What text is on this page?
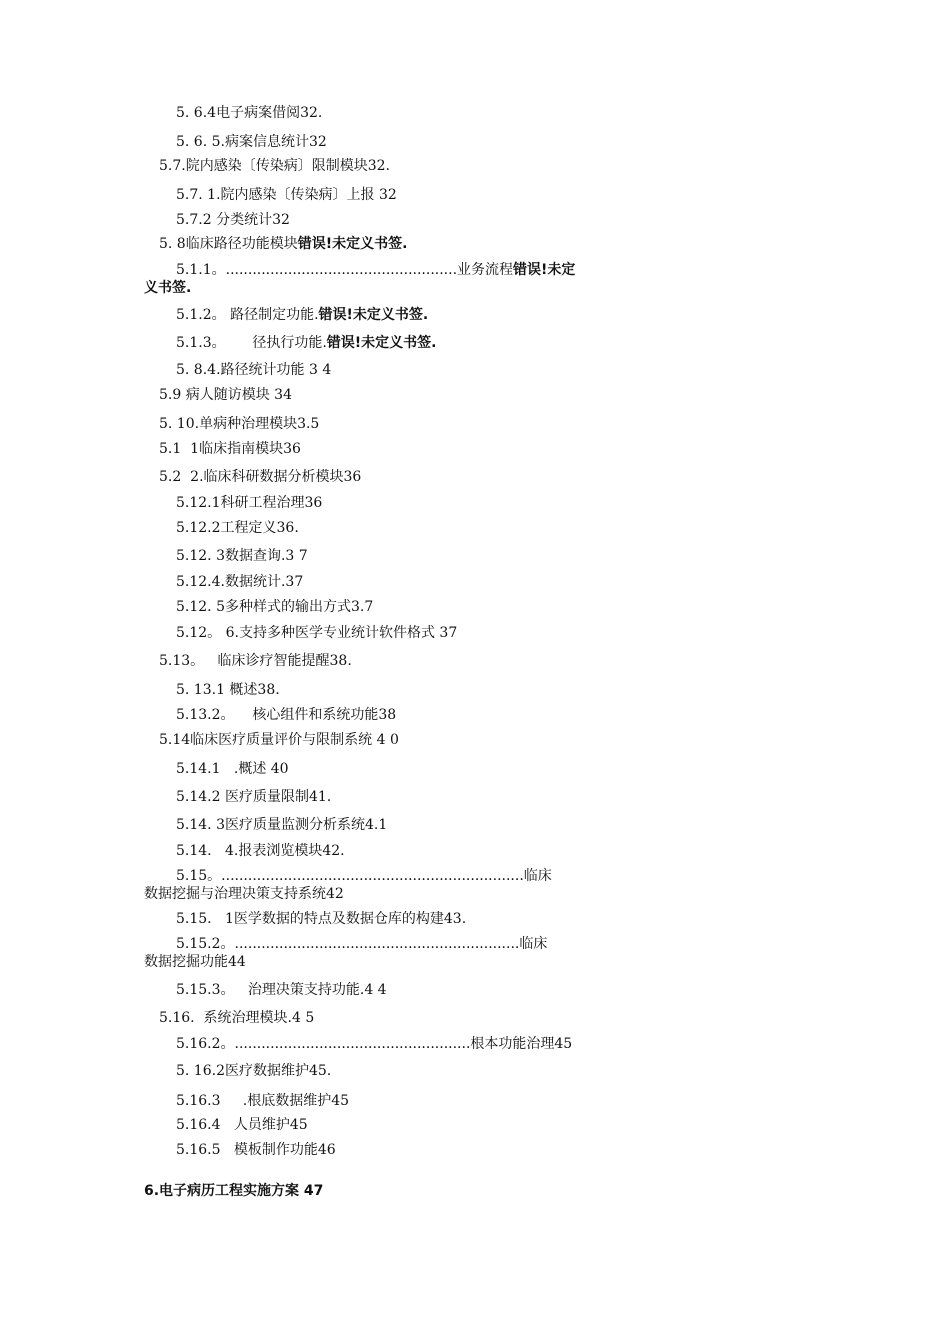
5. 6.4电子病案借阅32.
5. 6. 5.病案信息统计32
5.7.院内感染〔传染病〕限制模块32.
5.7. 1.院内感染〔传染病〕上报 32
5.7.2 分类统计32
5. 8临床路径功能模块错误!未定义书签.
5.1.1。....................................................业务流程错误!未定
义书签.
5.1.2。 路径制定功能.错误!未定义书签.
5.1.3。      径执行功能.错误!未定义书签.
5. 8.4.路径统计功能 3 4
5.9 病人随访模块 34
5. 10.单病种治理模块3.5
5.1  1临床指南模块36
5.2  2.临床科研数据分析模块36
5.12.1科研工程治理36
5.12.2工程定义36.
5.12. 3数据查询.3 7
5.12.4.数据统计.37
5.12. 5多种样式的输出方式3.7
5.12。 6.支持多种医学专业统计软件格式 37
5.13。   临床诊疗智能提醒38.
5. 13.1 概述38.
5.13.2。    核心组件和系统功能38
5.14临床医疗质量评价与限制系统 4 0
5.14.1   .概述 40
5.14.2 医疗质量限制41.
5.14. 3医疗质量监测分析系统4.1
5.14.   4.报表浏览模块42.
5.15。....................................................................临床
数据挖掘与治理决策支持系统42
5.15.   1医学数据的特点及数据仓库的构建43.
5.15.2。................................................................临床
数据挖掘功能44
5.15.3。   治理决策支持功能.4 4
5.16.  系统治理模块.4 5
5.16.2。.....................................................根本功能治理45
5. 16.2医疗数据维护45.
5.16.3     .根底数据维护45
5.16.4   人员维护45
5.16.5   模板制作功能46
6.电子病历工程实施方案 47
